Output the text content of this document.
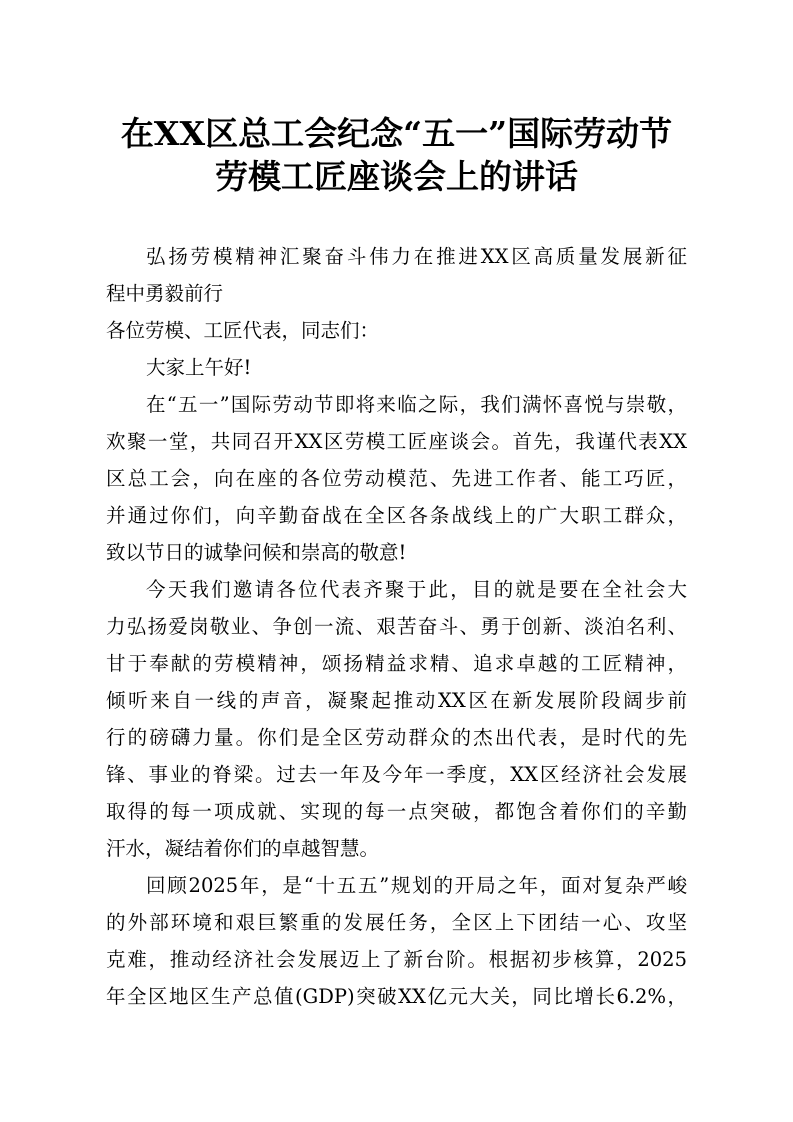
在XX区总工会纪念“五一”国际劳动节
劳模工匠座谈会上的讲话
弘扬劳模精神汇聚奋斗伟力在推进XX区高质量发展新征
程中勇毅前行
各位劳模、工匠代表，同志们：
大家上午好!
在“五一”国际劳动节即将来临之际，我们满怀喜悦与崇敬，
欢聚一堂，共同召开XX区劳模工匠座谈会。首先，我谨代表XX
区总工会，向在座的各位劳动模范、先进工作者、能工巧匠，
并通过你们，向辛勤奋战在全区各条战线上的广大职工群众，
致以节日的诚挚问候和崇高的敬意!
今天我们邀请各位代表齐聚于此，目的就是要在全社会大
力弘扬爱岗敬业、争创一流、艰苦奋斗、勇于创新、淡泊名利、
甘于奉献的劳模精神，颂扬精益求精、追求卓越的工匠精神，
倾听来自一线的声音，凝聚起推动XX区在新发展阶段阔步前
行的磅礴力量。你们是全区劳动群众的杰出代表，是时代的先
锋、事业的脊梁。过去一年及今年一季度，XX区经济社会发展
取得的每一项成就、实现的每一点突破，都饱含着你们的辛勤
汗水，凝结着你们的卓越智慧。
回顾2025年，是“十五五”规划的开局之年，面对复杂严峻
的外部环境和艰巨繁重的发展任务，全区上下团结一心、攻坚
克难，推动经济社会发展迈上了新台阶。根据初步核算，2025
年全区地区生产总值(GDP)突破XX亿元大关，同比增长6.2%，
